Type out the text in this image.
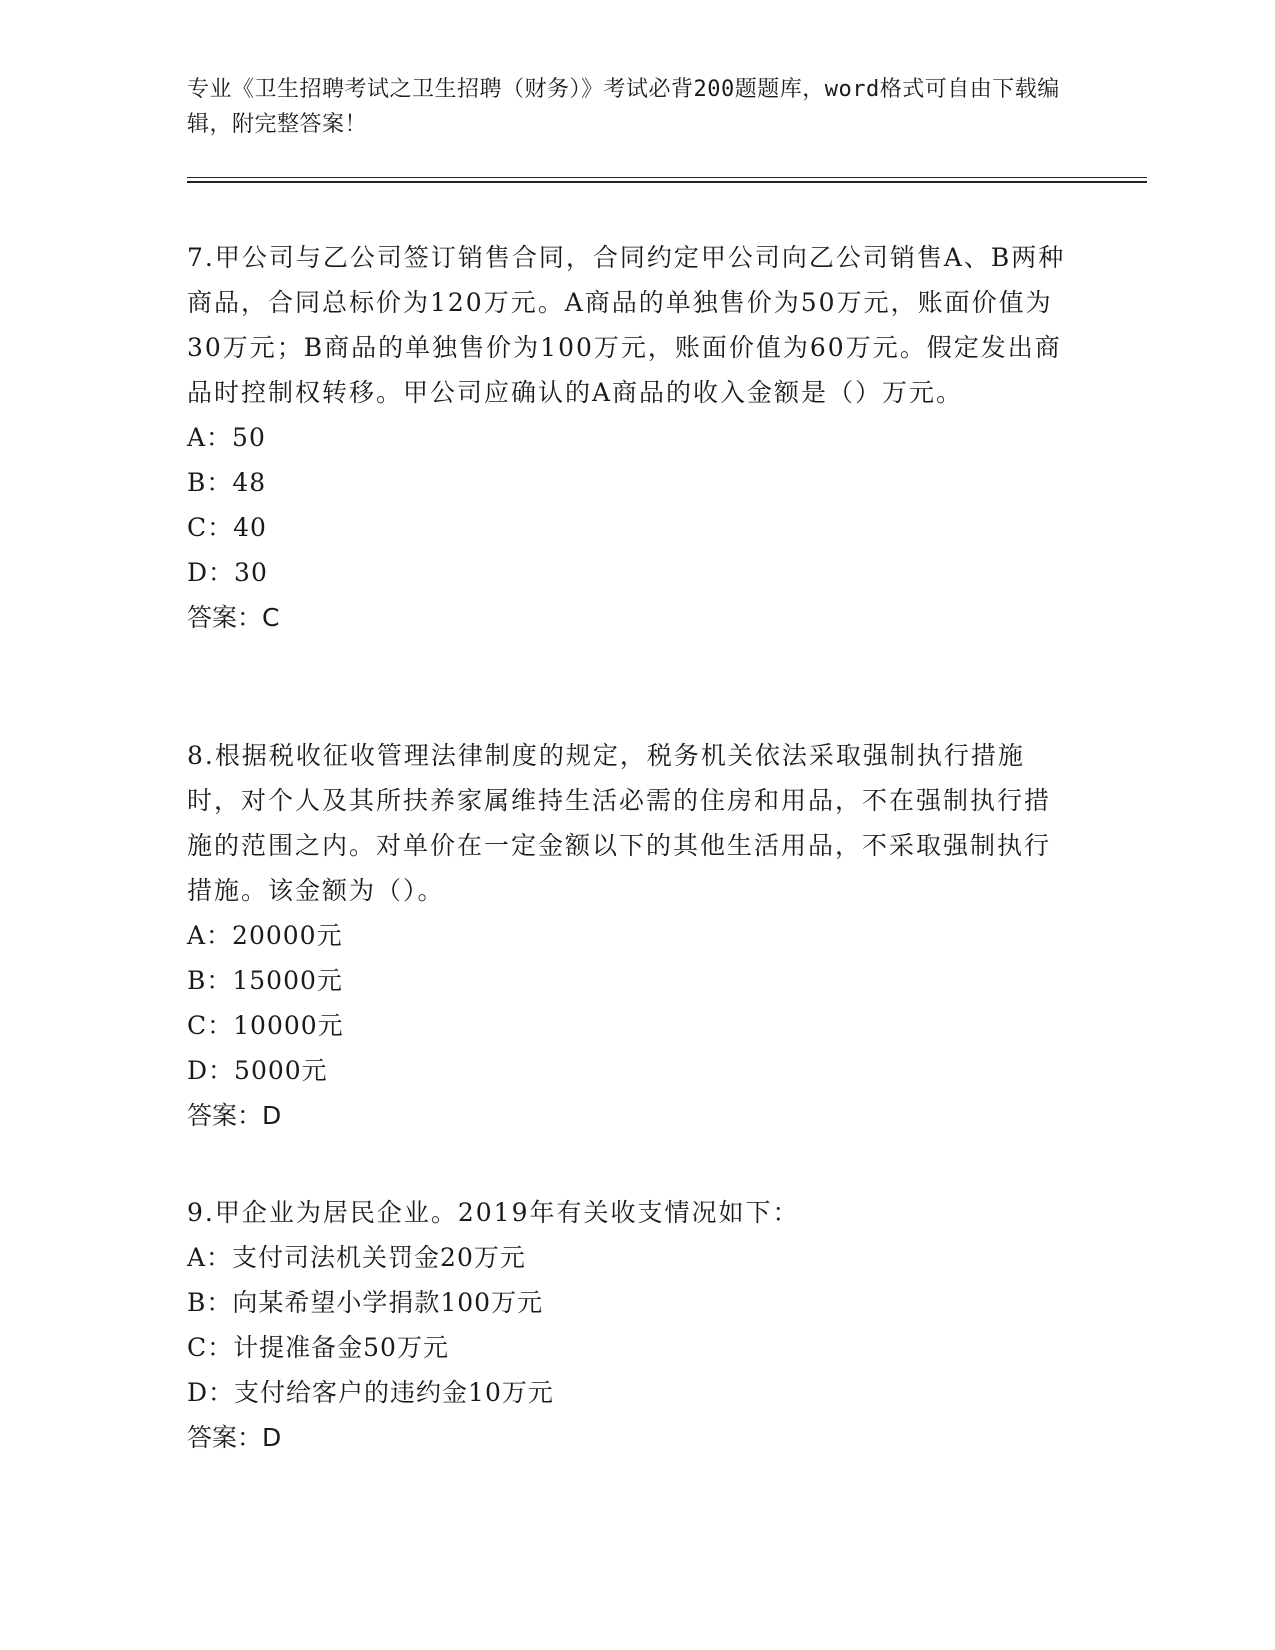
专业《卫生招聘考试之卫生招聘（财务）》考试必背200题题库，word格式可自由下载编辑，附完整答案！

7.甲公司与乙公司签订销售合同，合同约定甲公司向乙公司销售A、B两种商品，合同总标价为120万元。A商品的单独售价为50万元，账面价值为30万元；B商品的单独售价为100万元，账面价值为60万元。假定发出商品时控制权转移。甲公司应确认的A商品的收入金额是（）万元。

A：50

B：48

C：40

D：30

答案：C

8.根据税收征收管理法律制度的规定，税务机关依法采取强制执行措施时，对个人及其所扶养家属维持生活必需的住房和用品，不在强制执行措施的范围之内。对单价在一定金额以下的其他生活用品，不采取强制执行措施。该金额为（）。

A：20000元

B：15000元

C：10000元

D：5000元

答案：D

9.甲企业为居民企业。2019年有关收支情况如下：

A：支付司法机关罚金20万元

B：向某希望小学捐款100万元

C：计提准备金50万元

D：支付给客户的违约金10万元

答案：D
